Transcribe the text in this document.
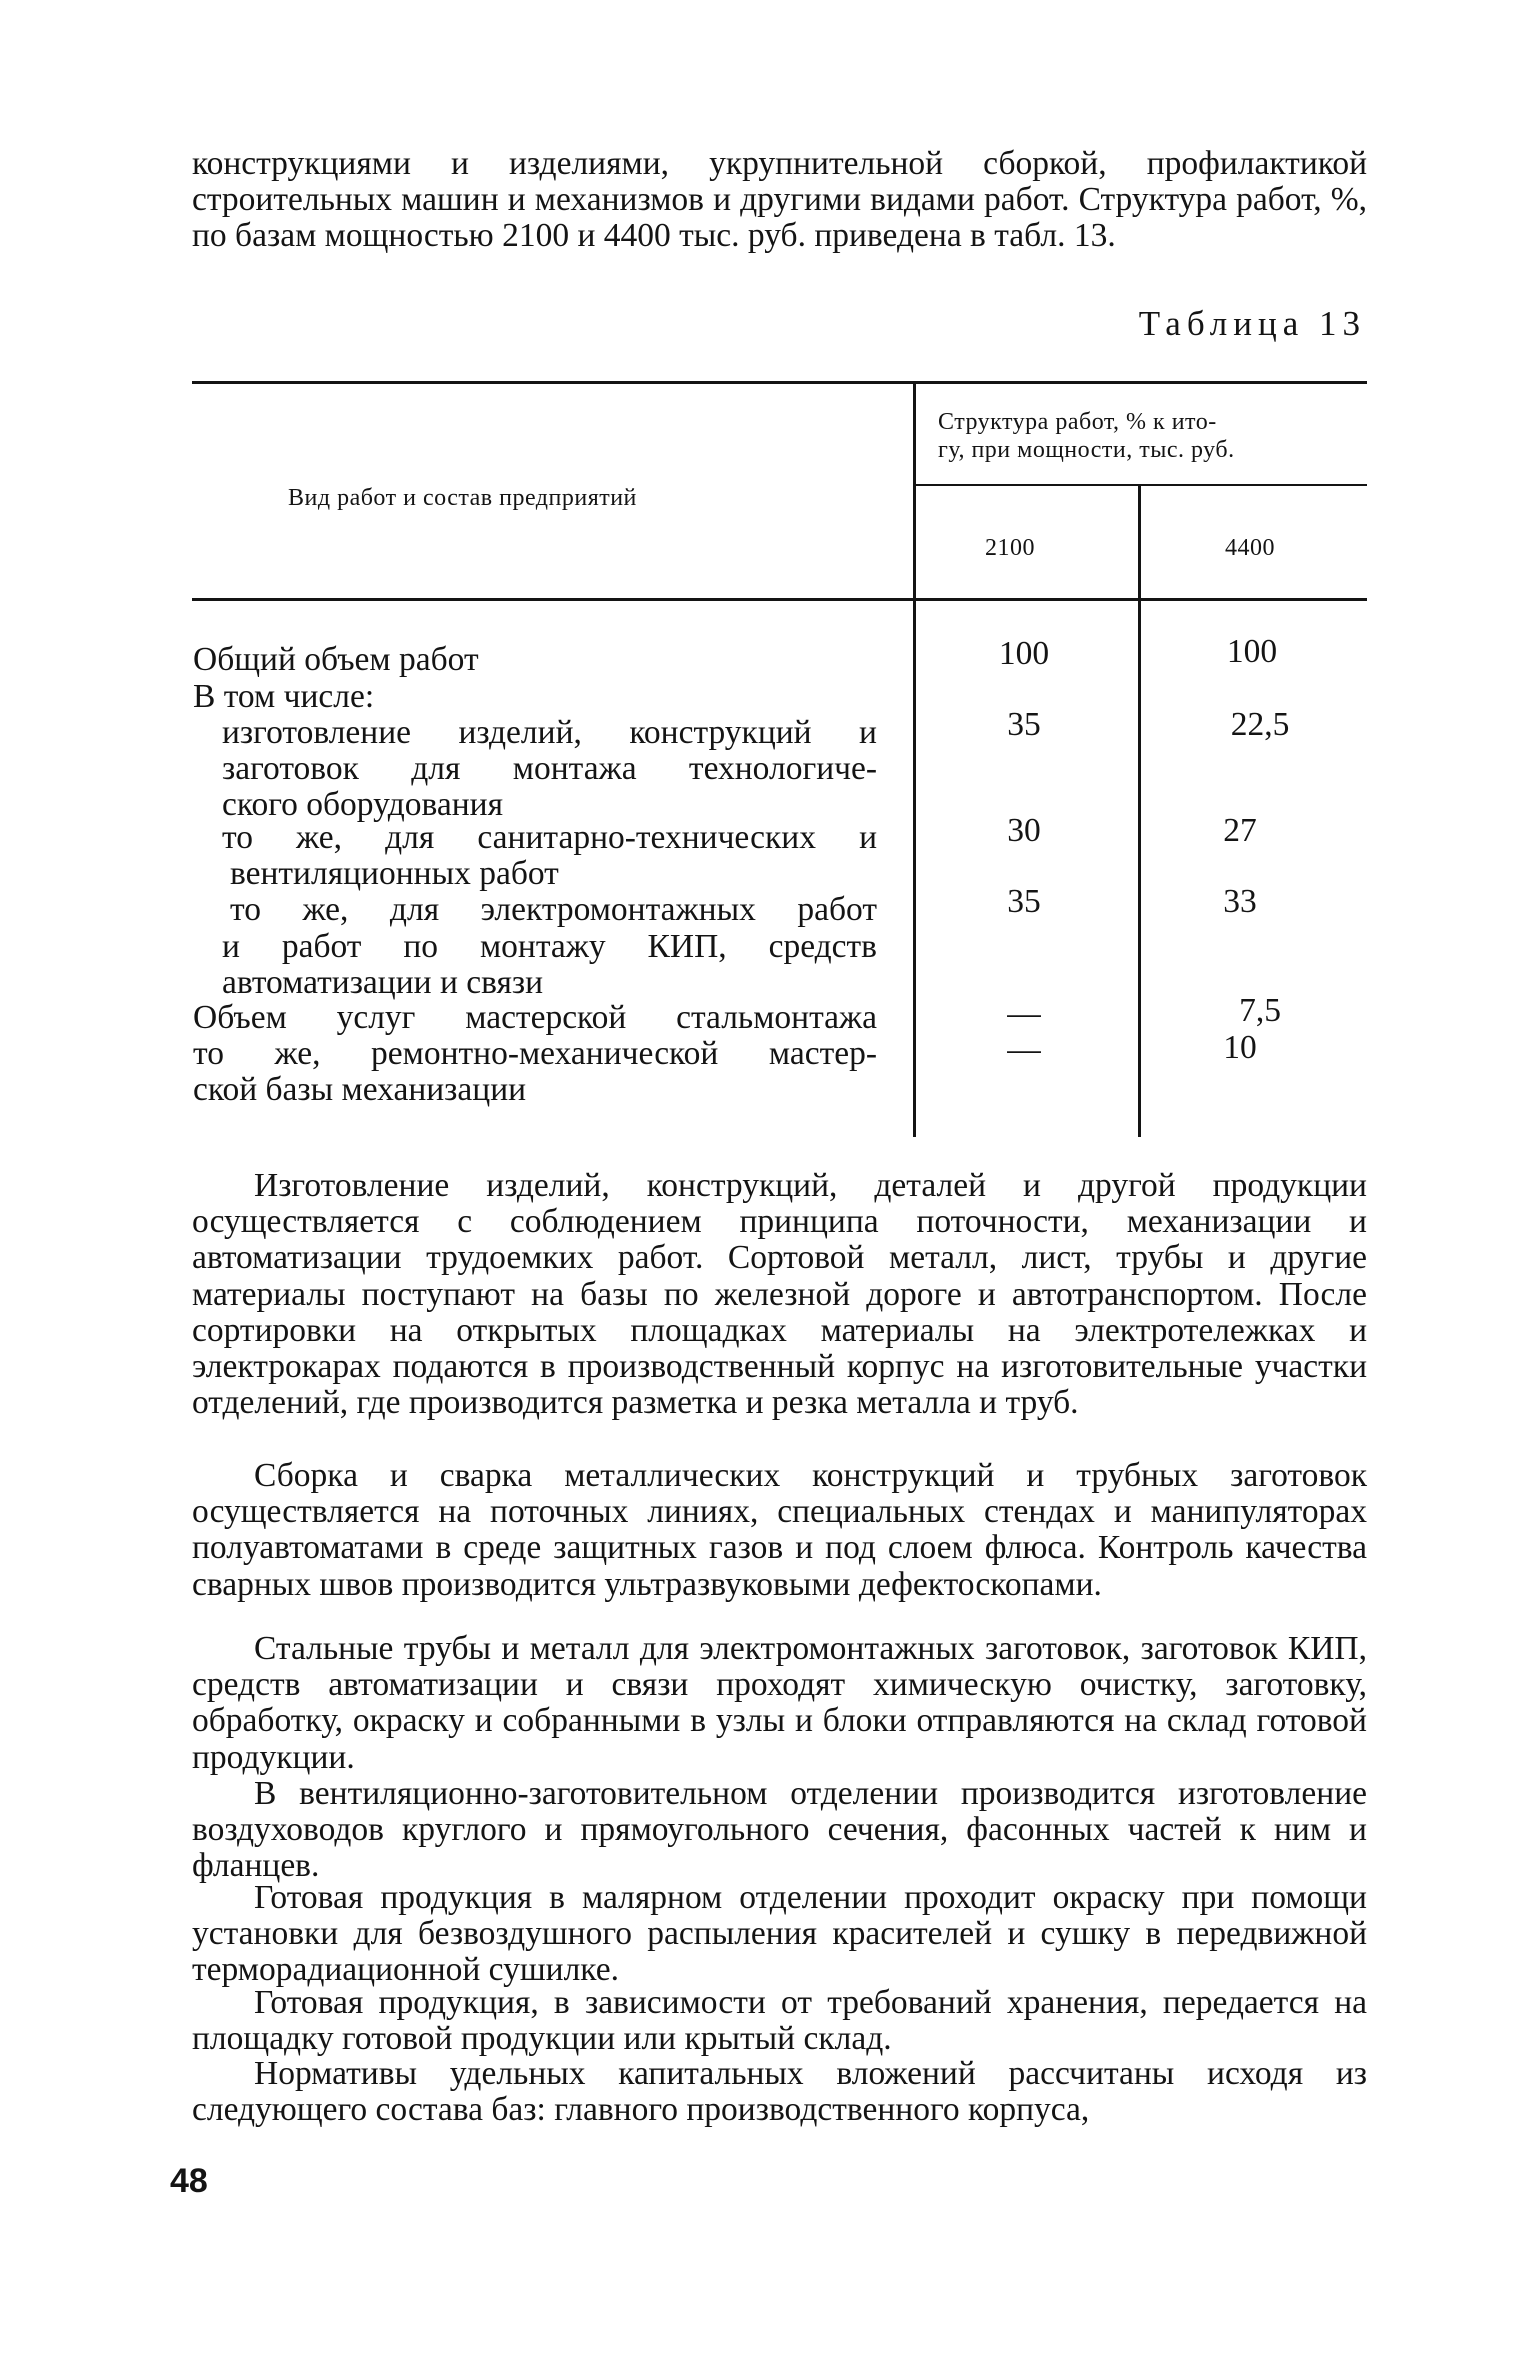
конструкциями и изделиями, укрупнительной сборкой, профилактикой строительных машин и механизмов и другими видами работ. Структура работ, %, по базам мощностью 2100 и 4400 тыс. руб. приведена в табл. 13.

Таблица 13
Вид работ и состав предприятий
Структура работ, % к ито-
гу, при мощности, тыс. руб.
2100	4400
Общий объем работ	100	100
В том числе:
изготовление изделий, конструкций и
заготовок для монтажа технологиче-
ского оборудования
35	22,5
то же, для санитарно-технических и
вентиляционных работ
30	27
то же, для электромонтажных работ
и работ по монтажу КИП, средств
автоматизации и связи
35	33
Объем услуг мастерской стальмонтажа	—	7,5
то же, ремонтно-механической мастер-
ской базы механизации
—	10

Изготовление изделий, конструкций, деталей и другой продукции осуществляется с соблюдением принципа поточности, механизации и автоматизации трудоемких работ. Сортовой металл, лист, трубы и другие материалы поступают на базы по железной дороге и автотранспортом. После сортировки на открытых площадках материалы на электротележках и электрокарах подаются в производственный корпус на изготовительные участки отделений, где производится разметка и резка металла и труб.

Сборка и сварка металлических конструкций и трубных заготовок осуществляется на поточных линиях, специальных стендах и манипуляторах полуавтоматами в среде защитных газов и под слоем флюса. Контроль качества сварных швов производится ультразвуковыми дефектоскопами.

Стальные трубы и металл для электромонтажных заготовок, заготовок КИП, средств автоматизации и связи проходят химическую очистку, заготовку, обработку, окраску и собранными в узлы и блоки отправляются на склад готовой продукции.

В вентиляционно-заготовительном отделении производится изготовление воздуховодов круглого и прямоугольного сечения, фасонных частей к ним и фланцев.

Готовая продукция в малярном отделении проходит окраску при помощи установки для безвоздушного распыления красителей и сушку в передвижной терморадиационной сушилке.

Готовая продукция, в зависимости от требований хранения, передается на площадку готовой продукции или крытый склад.

Нормативы удельных капитальных вложений рассчитаны исходя из следующего состава баз: главного производственного корпуса,

48
